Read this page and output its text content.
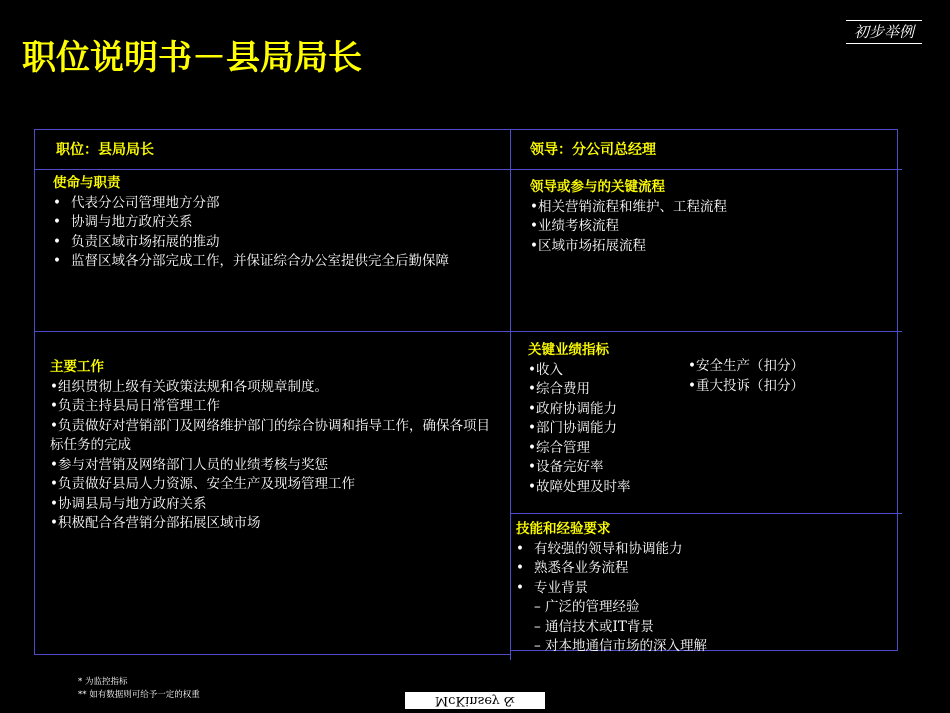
初步举例
职位说明书－县局局长
职位：县局局长	领导：分公司总经理
使命与职责
• 代表分公司管理地方分部
• 协调与地方政府关系
• 负责区域市场拓展的推动
• 监督区域各分部完成工作，并保证综合办公室提供完全后勤保障
领导或参与的关键流程
•相关营销流程和维护、工程流程
•业绩考核流程
•区域市场拓展流程
主要工作
•组织贯彻上级有关政策法规和各项规章制度。
•负责主持县局日常管理工作
•负责做好对营销部门及网络维护部门的综合协调和指导工作，确保各项目标任务的完成
•参与对营销及网络部门人员的业绩考核与奖惩
•负责做好县局人力资源、安全生产及现场管理工作
•协调县局与地方政府关系
•积极配合各营销分部拓展区域市场
关键业绩指标
•收入
•综合费用
•政府协调能力
•部门协调能力
•综合管理
•设备完好率
•故障处理及时率
•安全生产（扣分）
•重大投诉（扣分）
技能和经验要求
• 有较强的领导和协调能力
• 熟悉各业务流程
• 专业背景
– 广泛的管理经验
– 通信技术或IT背景
– 对本地通信市场的深入理解
* 为监控指标
** 如有数据则可给予一定的权重	McKinsey & Company
